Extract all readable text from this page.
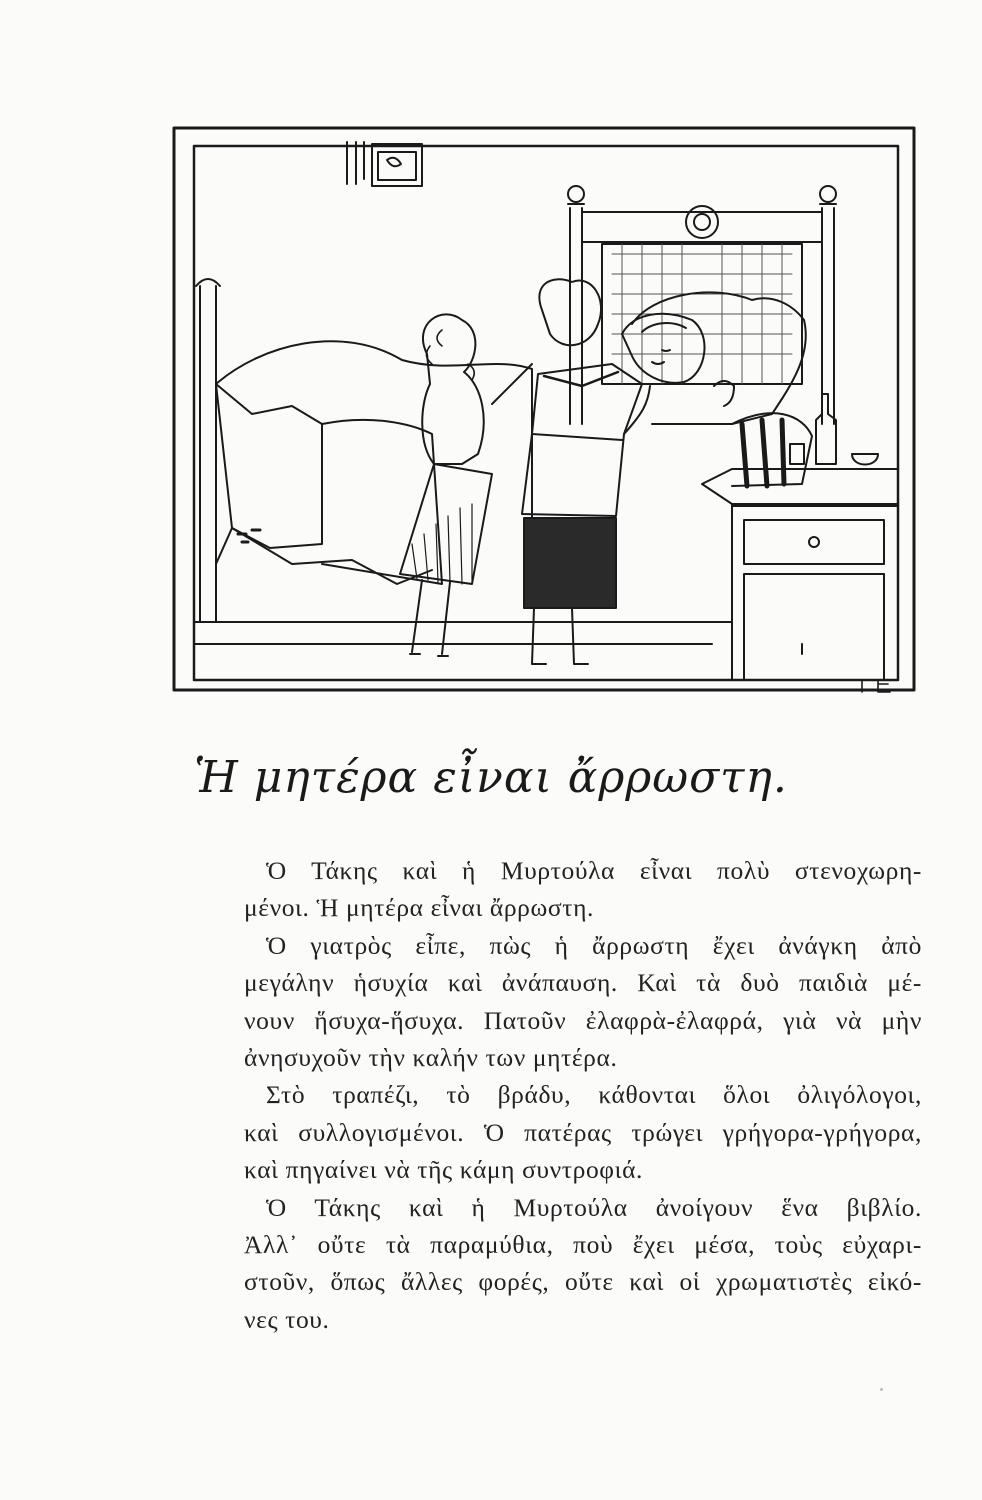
Ἡ μητέρα εἶναι ἄρρωστη.
Ὁ Τάκης καὶ ἡ Μυρτούλα εἶναι πολὺ στενοχωρη-
μένοι. Ἡ μητέρα εἶναι ἄρρωστη.
Ὁ γιατρὸς εἶπε, πὼς ἡ ἄρρωστη ἔχει ἀνάγκη ἀπὸ
μεγάλην ἡσυχία καὶ ἀνάπαυση. Καὶ τὰ δυὸ παιδιὰ μέ-
νουν ἥσυχα-ἥσυχα. Πατοῦν ἐλαφρὰ-ἐλαφρά, γιὰ νὰ μὴν
ἀνησυχοῦν τὴν καλήν των μητέρα.
Στὸ τραπέζι, τὸ βράδυ, κάθονται ὅλοι ὀλιγόλογοι,
καὶ συλλογισμένοι. Ὁ πατέρας τρώγει γρήγορα-γρήγορα,
καὶ πηγαίνει νὰ τῆς κάμη συντροφιά.
Ὁ Τάκης καὶ ἡ Μυρτούλα ἀνοίγουν ἕνα βιβλίο.
Ἀλλ᾽ οὔτε τὰ παραμύθια, ποὺ ἔχει μέσα, τοὺς εὐχαρι-
στοῦν, ὅπως ἄλλες φορές, οὔτε καὶ οἱ χρωματιστὲς εἰκό-
νες του.
